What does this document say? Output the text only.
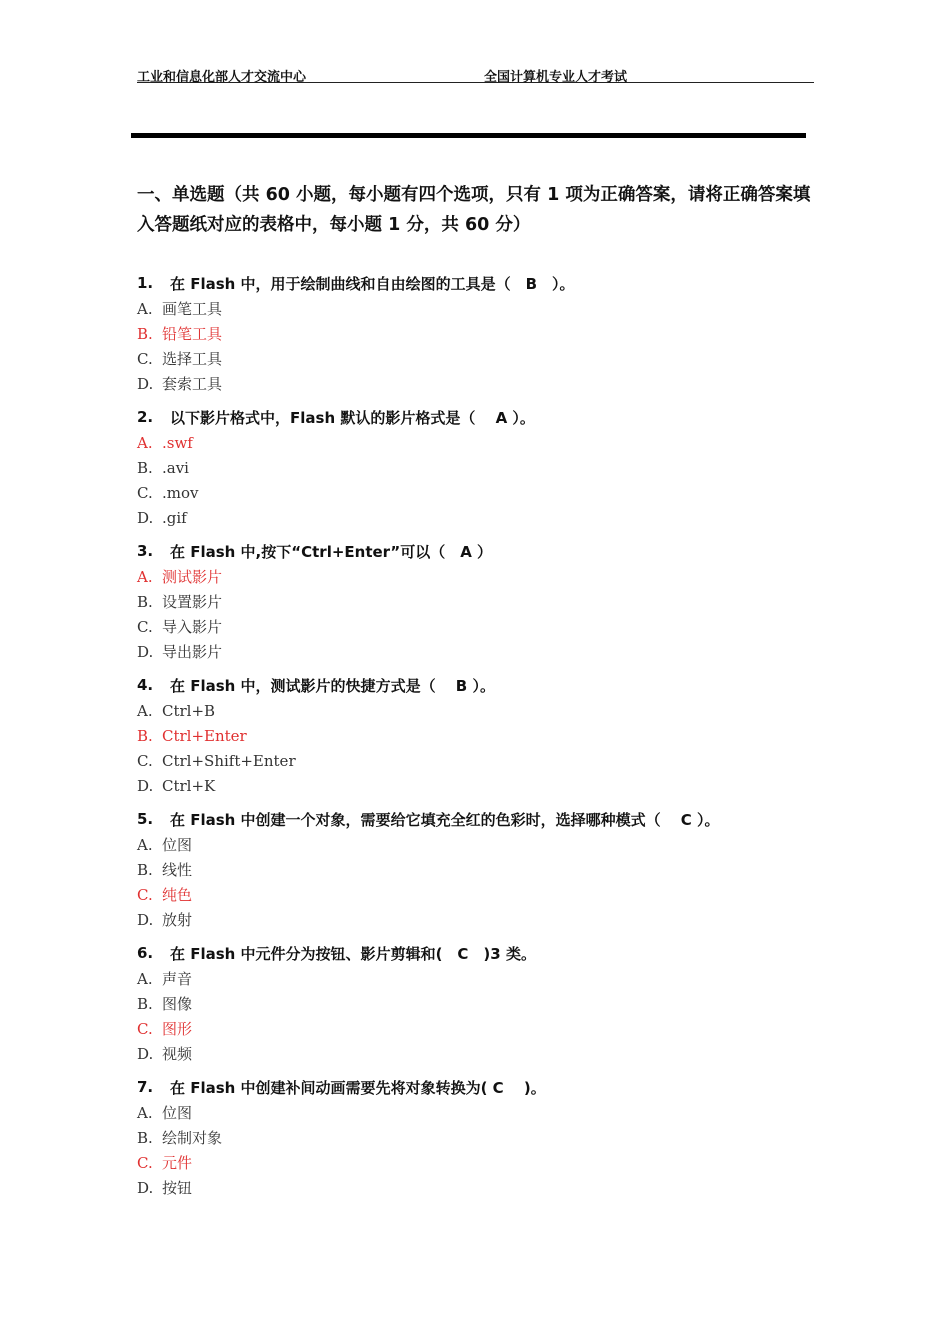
工业和信息化部人才交流中心	全国计算机专业人才考试
一、单选题（共 60 小题，每小题有四个选项，只有 1 项为正确答案，请将正确答案填入答题纸对应的表格中，每小题 1 分，共 60 分）
1.	在 Flash 中，用于绘制曲线和自由绘图的工具是（　B　）。
A. 画笔工具
B. 铅笔工具
C. 选择工具
D. 套索工具
2.	以下影片格式中，Flash 默认的影片格式是（　 A ）。
A. .swf
B. .avi
C. .mov
D. .gif
3.	在 Flash 中,按下“Ctrl+Enter”可以（　A ）
A. 测试影片
B. 设置影片
C. 导入影片
D. 导出影片
4.	在 Flash 中，测试影片的快捷方式是（　 B ）。
A. Ctrl+B
B. Ctrl+Enter
C. Ctrl+Shift+Enter
D. Ctrl+K
5.	在 Flash 中创建一个对象，需要给它填充全红的色彩时，选择哪种模式（　 C ）。
A. 位图
B. 线性
C. 纯色
D. 放射
6.	在 Flash 中元件分为按钮、影片剪辑和(　C　)3 类。
A. 声音
B. 图像
C. 图形
D. 视频
7.	在 Flash 中创建补间动画需要先将对象转换为( C　 )。
A. 位图
B. 绘制对象
C. 元件
D. 按钮
